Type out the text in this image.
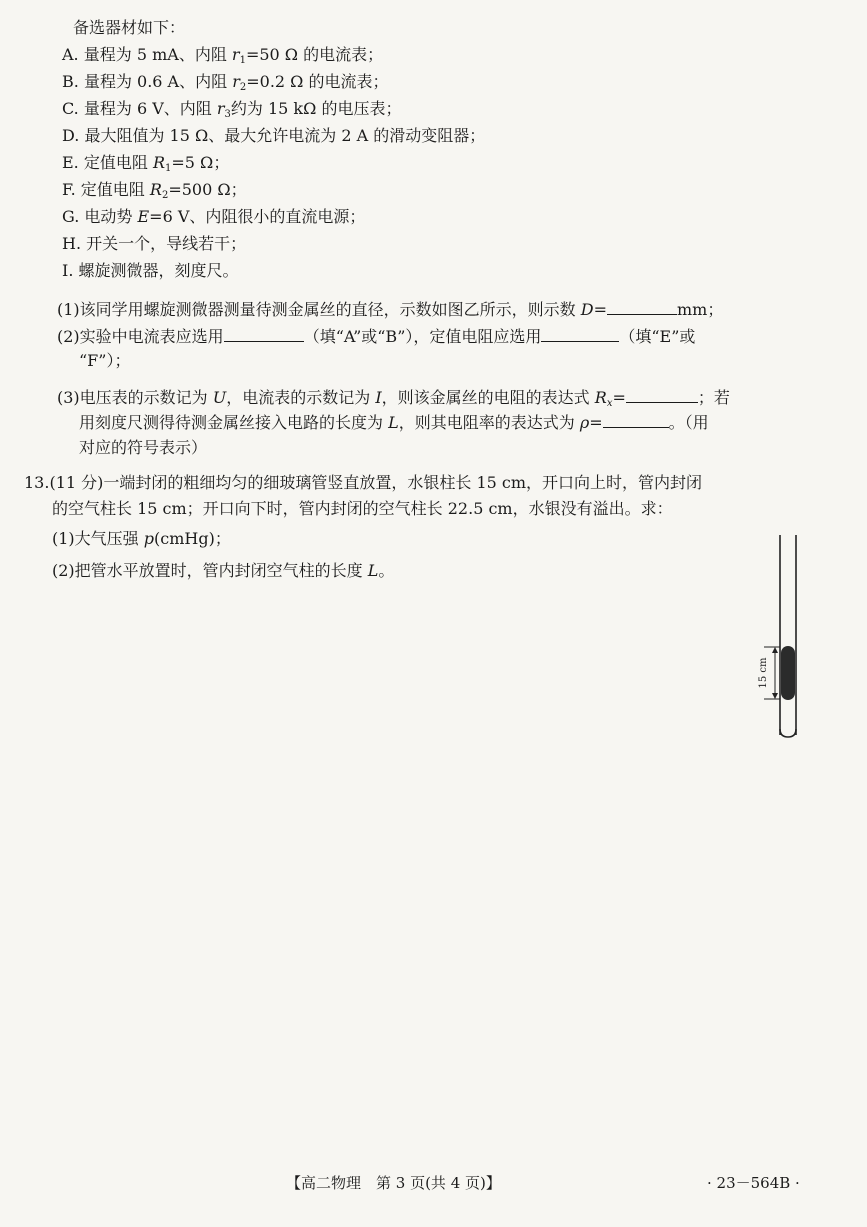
备选器材如下：
A. 量程为 5 mA、内阻 $r_1=50$ Ω 的电流表；
B. 量程为 0.6 A、内阻 $r_2=0.2$ Ω 的电流表；
C. 量程为 6 V、内阻 $r_3$约为 15 kΩ 的电压表；
D. 最大阻值为 15 Ω、最大允许电流为 2 A 的滑动变阻器；
E. 定值电阻 $R_1=5$ Ω；
F. 定值电阻 $R_2=500$ Ω；
G. 电动势 E=6 V、内阻很小的直流电源；
H. 开关一个，导线若干；
I. 螺旋测微器，刻度尺。
(1)该同学用螺旋测微器测量待测金属丝的直径，示数如图乙所示，则示数 D=	mm；
(2)实验中电流表应选用	（填“A”或“B”），定值电阻应选用	（填“E”或
“F”）；
(3)电压表的示数记为 U，电流表的示数记为 I，则该金属丝的电阻的表达式 $R_x=$	；若
用刻度尺测得待测金属丝接入电路的长度为 L，则其电阻率的表达式为 ρ=	。（用
对应的符号表示）
13.(11 分)一端封闭的粗细均匀的细玻璃管竖直放置，水银柱长 15 cm，开口向上时，管内封闭
的空气柱长 15 cm；开口向下时，管内封闭的空气柱长 22.5 cm，水银没有溢出。求：
(1)大气压强 p(cmHg)；
(2)把管水平放置时，管内封闭空气柱的长度 L。
15 cm
【高二物理　第 3 页(共 4 页)】	· 23－564B ·
